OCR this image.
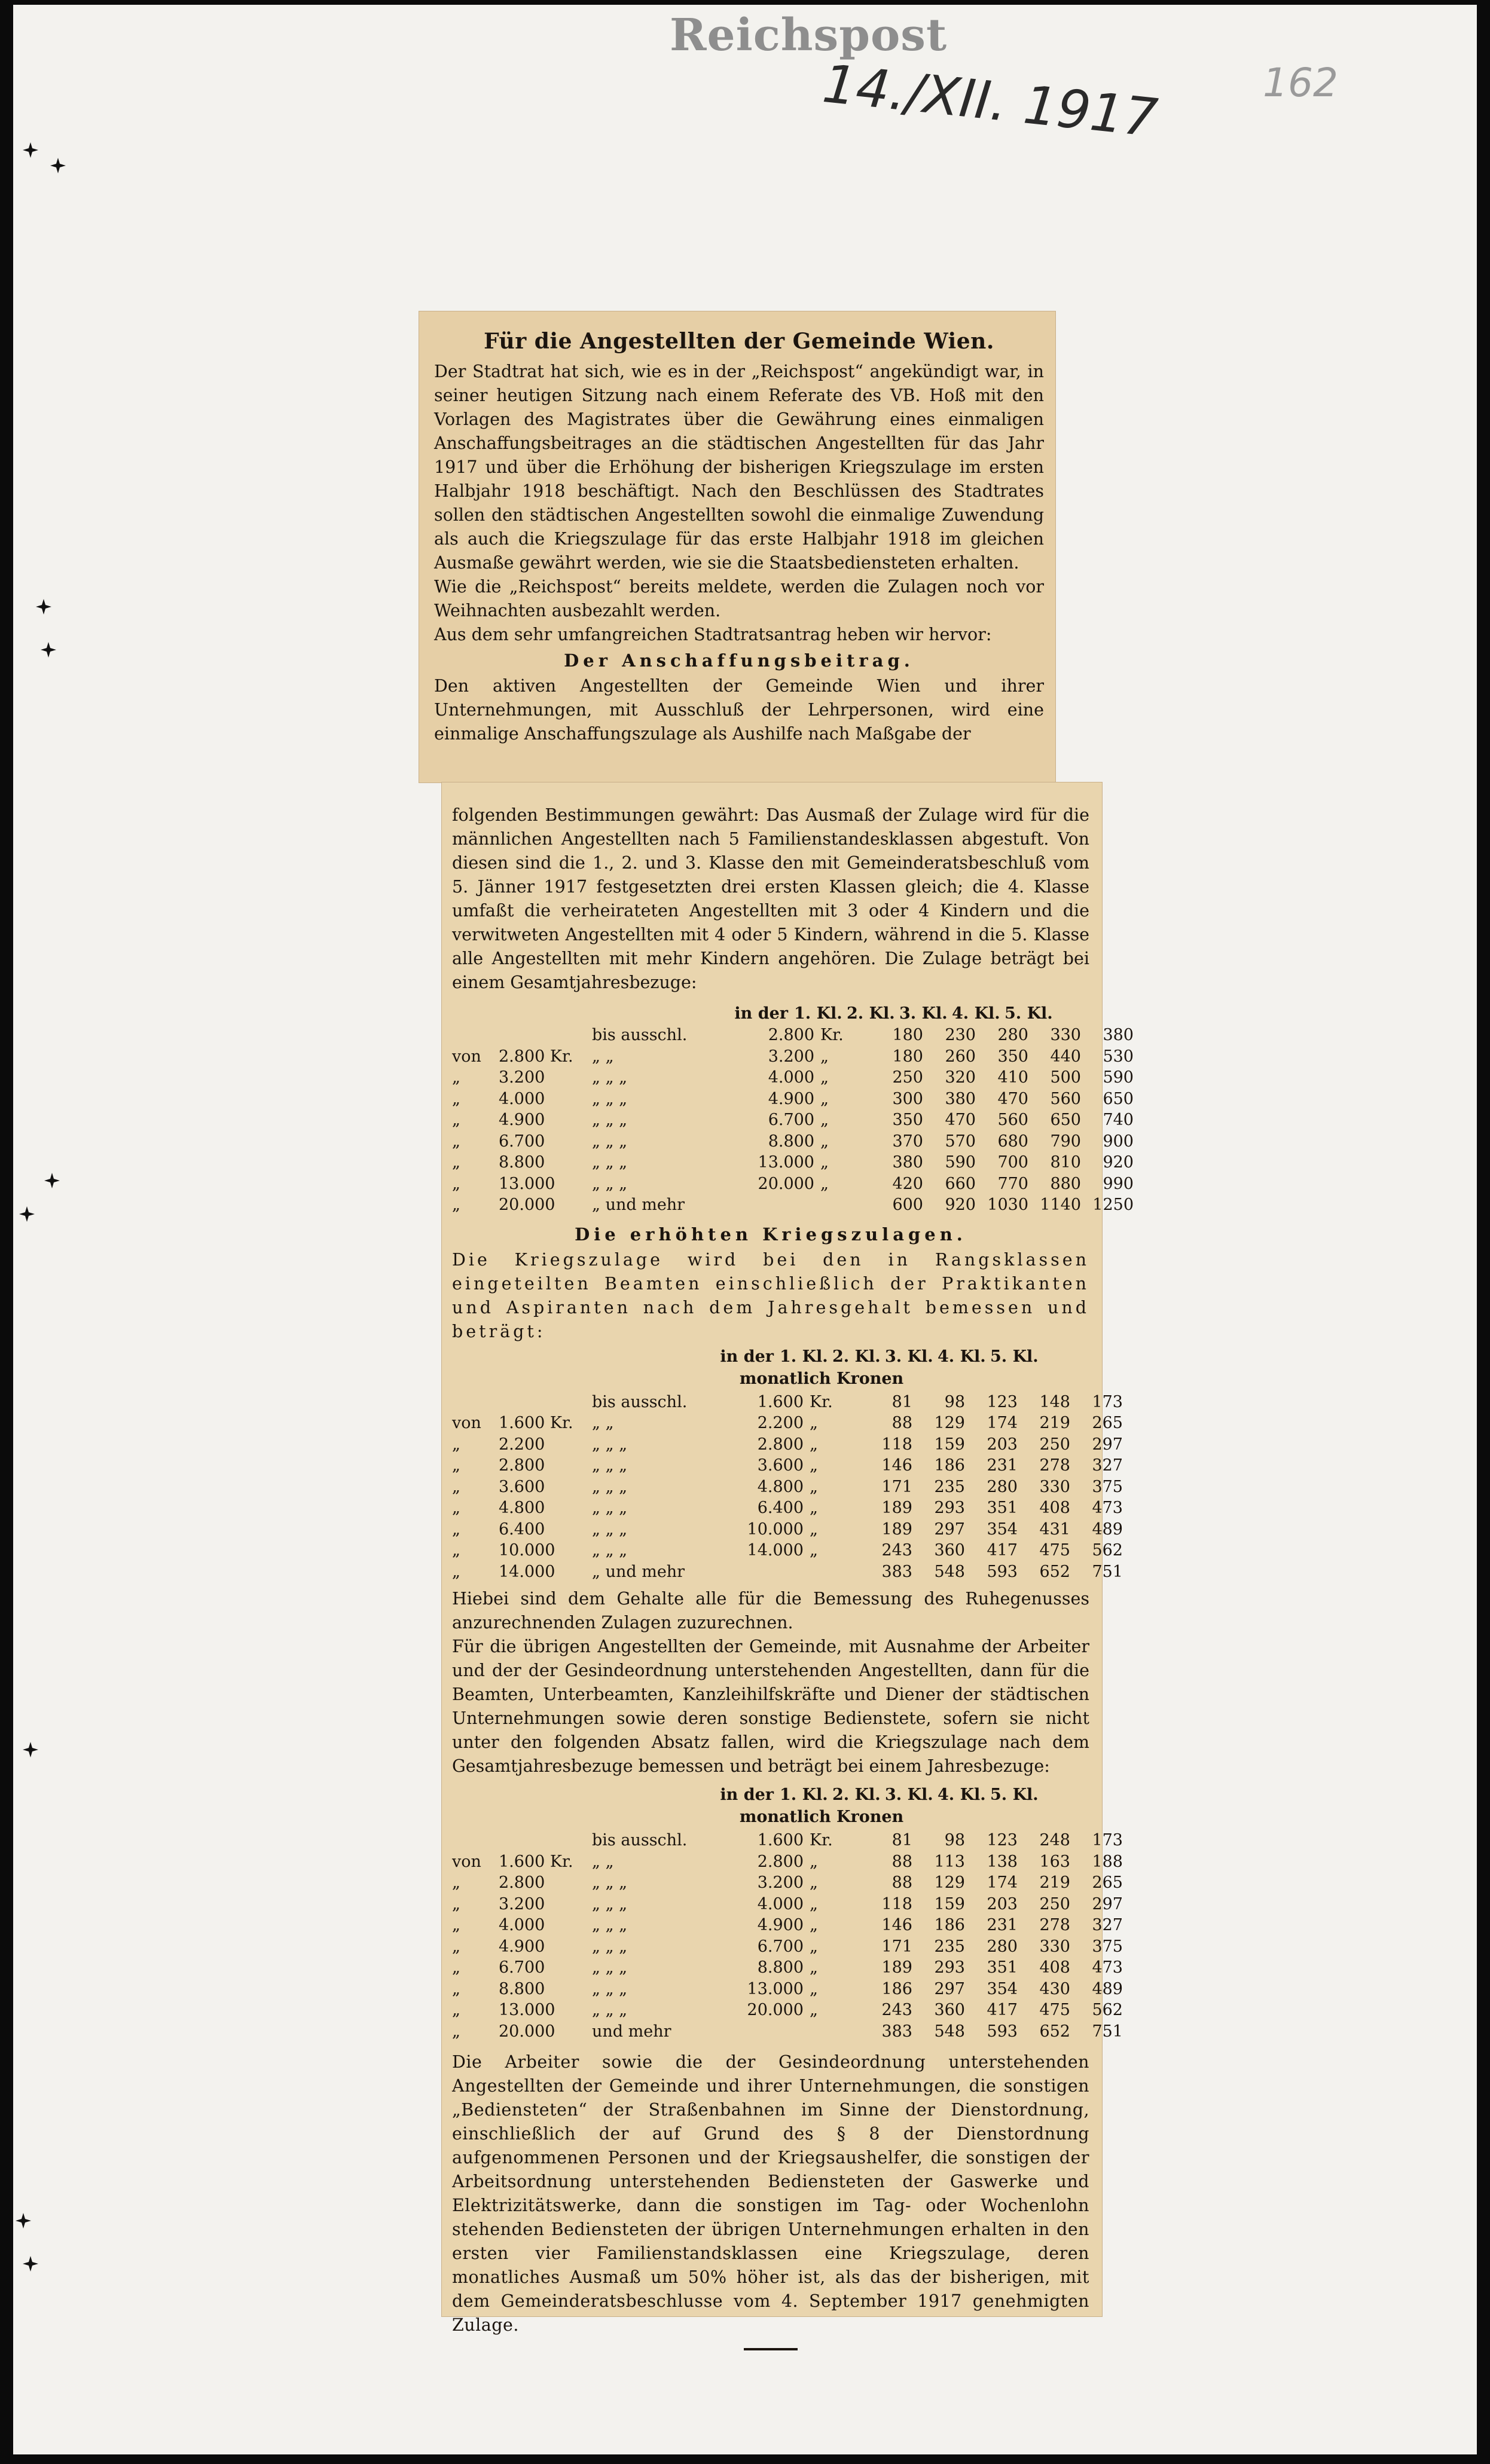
Reichspost
14./XII. 1917	162
Für die Angestellten der Gemeinde Wien.

Der Stadtrat hat sich, wie es in der „Reichspost“ angekündigt war, in seiner heutigen Sitzung nach einem Referate des VB. Hoß mit den Vorlagen des Magistrates über die Gewährung eines einmaligen Anschaffungsbeitrages an die städtischen Angestellten für das Jahr 1917 und über die Erhöhung der bisherigen Kriegszulage im ersten Halbjahr 1918 beschäftigt. Nach den Beschlüssen des Stadtrates sollen den städtischen Angestellten sowohl die einmalige Zuwendung als auch die Kriegszulage für das erste Halbjahr 1918 im gleichen Ausmaße gewährt werden, wie sie die Staatsbediensteten erhalten.

Wie die „Reichspost“ bereits meldete, werden die Zulagen noch vor Weihnachten ausbezahlt werden.

Aus dem sehr umfangreichen Stadtratsantrag heben wir hervor:

Der Anschaffungsbeitrag.

Den aktiven Angestellten der Gemeinde Wien und ihrer Unternehmungen, mit Ausschluß der Lehrpersonen, wird eine einmalige Anschaffungszulage als Aushilfe nach Maßgabe der

folgenden Bestimmungen gewährt: Das Ausmaß der Zulage wird für die männlichen Angestellten nach 5 Familienstandesklassen abgestuft. Von diesen sind die 1., 2. und 3. Klasse den mit Gemeinderatsbeschluß vom 5. Jänner 1917 festgesetzten drei ersten Klassen gleich; die 4. Klasse umfaßt die verheirateten Angestellten mit 3 oder 4 Kindern und die verwitweten Angestellten mit 4 oder 5 Kindern, während in die 5. Klasse alle Angestellten mit mehr Kindern angehören. Die Zulage beträgt bei einem Gesamtjahresbezuge:

in der 1. Kl. 2. Kl. 3. Kl. 4. Kl. 5. Kl.
bis ausschl.	2.800 Kr.	180	230	280	330	380
von	2.800 Kr.	„ „	3.200 „	180	260	350	440	530
„	3.200	„ „ „	4.000 „	250	320	410	500	590
„	4.000	„ „ „	4.900 „	300	380	470	560	650
„	4.900	„ „ „	6.700 „	350	470	560	650	740
„	6.700	„ „ „	8.800 „	370	570	680	790	900
„	8.800	„ „ „	13.000 „	380	590	700	810	920
„	13.000	„ „ „	20.000 „	420	660	770	880	990
„	20.000	„ und mehr	600	920 1030 1140 1250
Die erhöhten Kriegszulagen.

Die Kriegszulage wird bei den in Rangsklassen eingeteilten Beamten einschließlich der Praktikanten und Aspiranten nach dem Jahresgehalt bemessen und beträgt:

in der 1. Kl. 2. Kl. 3. Kl. 4. Kl. 5. Kl.
monatlich Kronen
bis ausschl.	1.600 Kr.	81	98	123	148	173
von	1.600 Kr.	„ „	2.200 „	88	129	174	219	265
„	2.200	„ „ „	2.800 „	118	159	203	250	297
„	2.800	„ „ „	3.600 „	146	186	231	278	327
„	3.600	„ „ „	4.800 „	171	235	280	330	375
„	4.800	„ „ „	6.400 „	189	293	351	408	473
„	6.400	„ „ „	10.000 „	189	297	354	431	489
„	10.000	„ „ „	14.000 „	243	360	417	475	562
„	14.000	„ und mehr	383	548	593	652	751

Hiebei sind dem Gehalte alle für die Bemessung des Ruhegenusses anzurechnenden Zulagen zuzurechnen.

Für die übrigen Angestellten der Gemeinde, mit Ausnahme der Arbeiter und der der Gesindeordnung unterstehenden Angestellten, dann für die Beamten, Unterbeamten, Kanzleihilfskräfte und Diener der städtischen Unternehmungen sowie deren sonstige Bedienstete, sofern sie nicht unter den folgenden Absatz fallen, wird die Kriegszulage nach dem Gesamtjahresbezuge bemessen und beträgt bei einem Jahresbezuge:

in der 1. Kl. 2. Kl. 3. Kl. 4. Kl. 5. Kl.
monatlich Kronen
bis ausschl.	1.600 Kr.	81	98	123	248	173
von	1.600 Kr.	„ „	2.800 „	88	113	138	163	188
„	2.800	„ „ „	3.200 „	88	129	174	219	265
„	3.200	„ „ „	4.000 „	118	159	203	250	297
„	4.000	„ „ „	4.900 „	146	186	231	278	327
„	4.900	„ „ „	6.700 „	171	235	280	330	375
„	6.700	„ „ „	8.800 „	189	293	351	408	473
„	8.800	„ „ „	13.000 „	186	297	354	430	489
„	13.000	„ „ „	20.000 „	243	360	417	475	562
„	20.000	und mehr	383	548	593	652	751

Die Arbeiter sowie die der Gesindeordnung unterstehenden Angestellten der Gemeinde und ihrer Unternehmungen, die sonstigen „Bediensteten“ der Straßenbahnen im Sinne der Dienstordnung, einschließlich der auf Grund des § 8 der Dienstordnung aufgenommenen Personen und der Kriegsaushelfer, die sonstigen der Arbeitsordnung unterstehenden Bediensteten der Gaswerke und Elektrizitätswerke, dann die sonstigen im Tag- oder Wochenlohn stehenden Bediensteten der übrigen Unternehmungen erhalten in den ersten vier Familienstandsklassen eine Kriegszulage, deren monatliches Ausmaß um 50% höher ist, als das der bisherigen, mit dem Gemeinderatsbeschlusse vom 4. September 1917 genehmigten Zulage.
